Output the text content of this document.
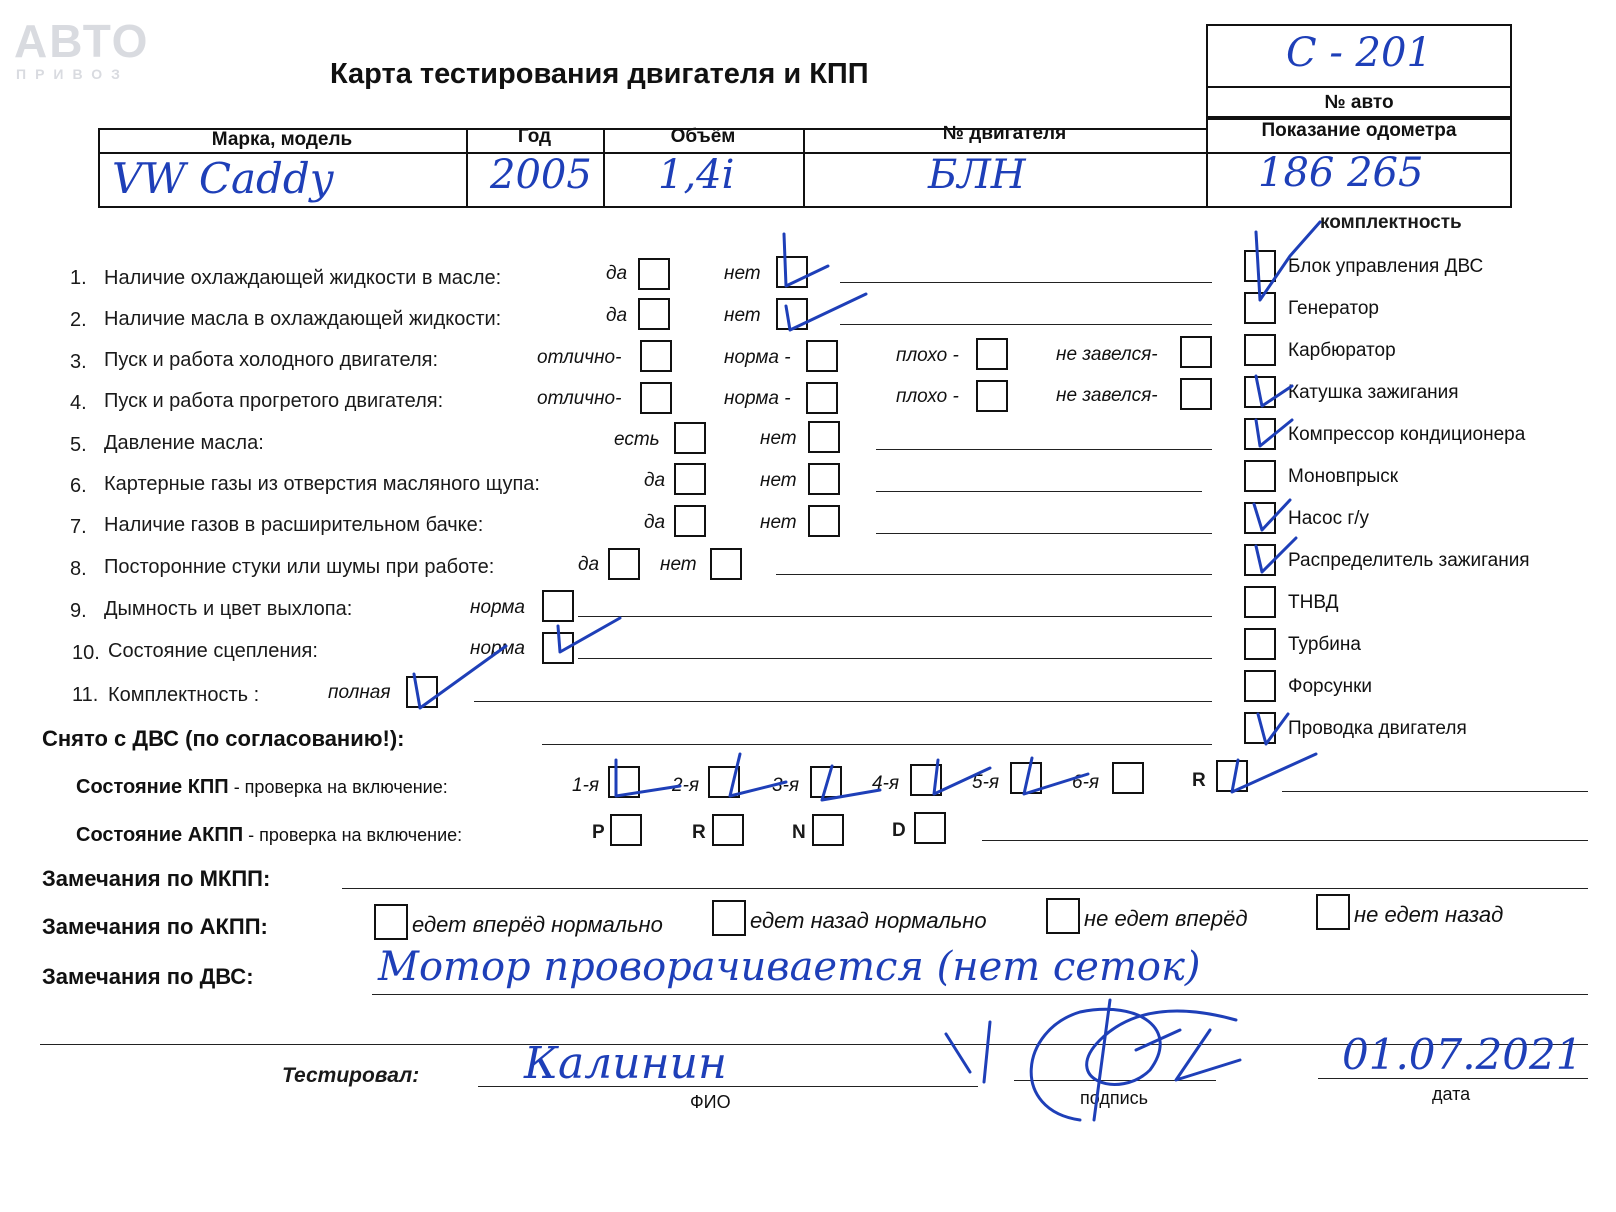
АВТО
ПРИВОЗ	Карта тестирования двигателя и КПП	С - 201
№ авто
Марка, модель	Год	Объём	№ двигателя	Показание одометра
VW Caddy	2005 1,4i	БЛН	186 265
комплектность
Блок управления ДВС
Генератор
Карбюратор
Катушка зажигания
Компрессор кондиционера
Моновпрыск
Насос г/у
Распределитель зажигания
ТНВД
Турбина
Форсунки
Проводка двигателя
1. Наличие охлаждающей жидкости в масле:	да	нет
2. Наличие масла в охлаждающей жидкости:	да	нет
3. Пуск и работа холодного двигателя:	отлично-	норма -	плохо -	не завелся-
4. Пуск и работа прогретого двигателя:	отлично-	норма -	плохо -	не завелся-
5. Давление масла:	есть	нет
6. Картерные газы из отверстия масляного щупа:	да	нет
7. Наличие газов в расширительном бачке:	да	нет
8. Посторонние стуки или шумы при работе:	да	нет
9. Дымность и цвет выхлопа:	норма
10. Состояние сцепления:	норма
11. Комплектность :	полная
Снято с ДВС (по согласованию!):
Состояние КПП - проверка на включение:	1-я	2-я	3-я	4-я	5-я	6-я	R
Состояние АКПП - проверка на включение:	P	R	N	D
Замечания по МКПП:
Замечания по АКПП:	едет вперёд нормально	едет назад нормально	не едет вперёд	не едет назад
Замечания по ДВС:	Мотор проворачивается (нет сеток)
Тестировал: Калинин
ФИО	подпись	дата
01.07.2021
